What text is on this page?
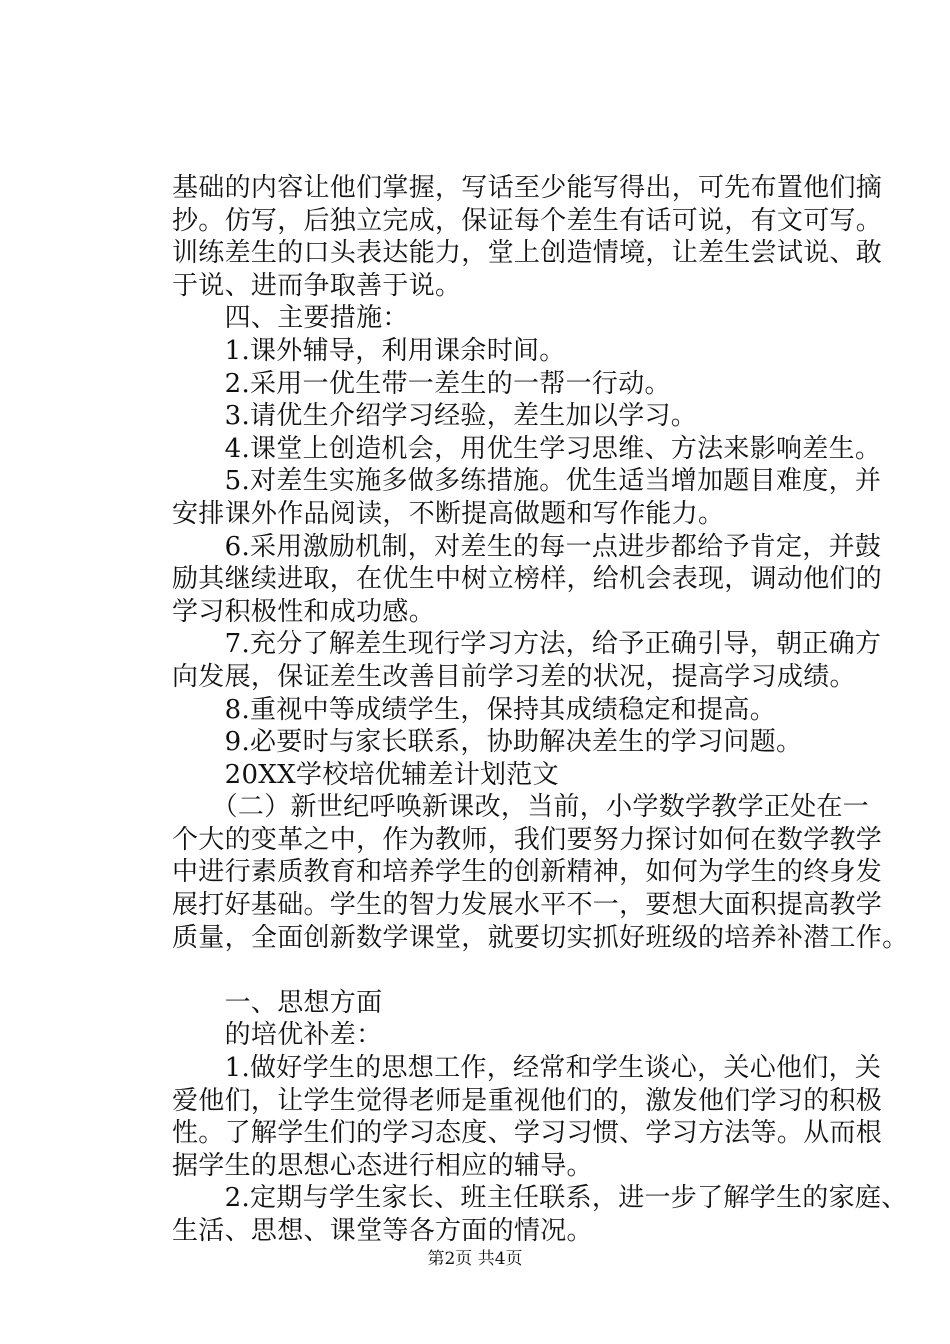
基础的内容让他们掌握，写话至少能写得出，可先布置他们摘

抄。仿写，后独立完成，保证每个差生有话可说，有文可写。

训练差生的口头表达能力，堂上创造情境，让差生尝试说、敢

于说、进而争取善于说。

　　四、主要措施：

　　1.课外辅导，利用课余时间。

　　2.采用一优生带一差生的一帮一行动。

　　3.请优生介绍学习经验，差生加以学习。

　　4.课堂上创造机会，用优生学习思维、方法来影响差生。

　　5.对差生实施多做多练措施。优生适当增加题目难度，并

安排课外作品阅读，不断提高做题和写作能力。

　　6.采用激励机制，对差生的每一点进步都给予肯定，并鼓

励其继续进取，在优生中树立榜样，给机会表现，调动他们的

学习积极性和成功感。

　　7.充分了解差生现行学习方法，给予正确引导，朝正确方

向发展，保证差生改善目前学习差的状况，提高学习成绩。

　　8.重视中等成绩学生，保持其成绩稳定和提高。

　　9.必要时与家长联系，协助解决差生的学习问题。

　　20XX学校培优辅差计划范文

　　（二）新世纪呼唤新课改，当前，小学数学教学正处在一

个大的变革之中，作为教师，我们要努力探讨如何在数学教学

中进行素质教育和培养学生的创新精神，如何为学生的终身发

展打好基础。学生的智力发展水平不一，要想大面积提高教学

质量，全面创新数学课堂，就要切实抓好班级的培养补潜工作。

　　一、思想方面

　　的培优补差：

　　1.做好学生的思想工作，经常和学生谈心，关心他们，关

爱他们，让学生觉得老师是重视他们的，激发他们学习的积极

性。了解学生们的学习态度、学习习惯、学习方法等。从而根

据学生的思想心态进行相应的辅导。

　　2.定期与学生家长、班主任联系，进一步了解学生的家庭、

生活、思想、课堂等各方面的情况。

第2页 共4页
